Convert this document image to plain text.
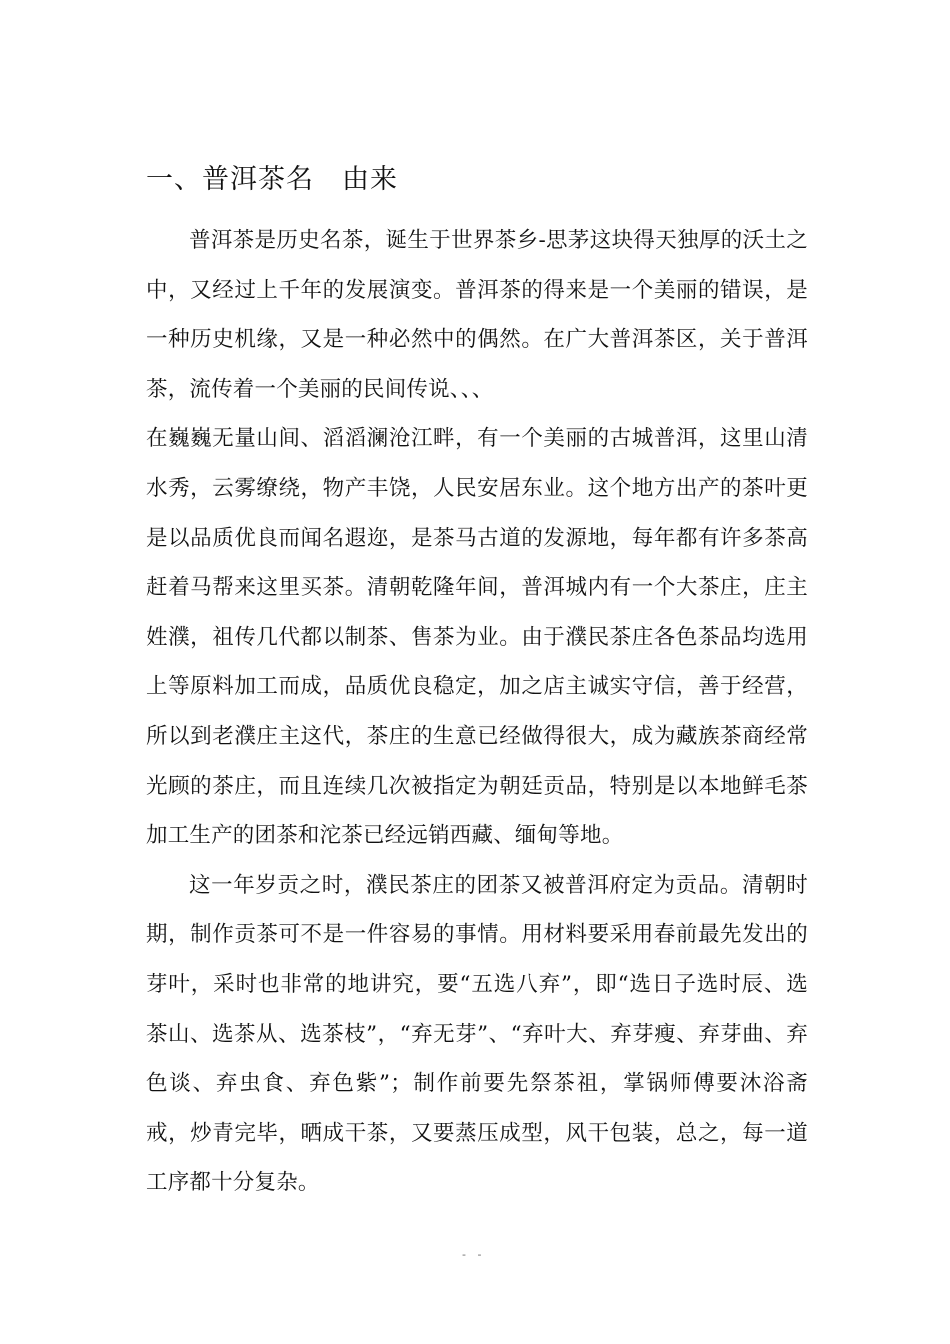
一、普洱茶名　由来

普洱茶是历史名茶，诞生于世界茶乡-思茅这块得天独厚的沃土之中，又经过上千年的发展演变。普洱茶的得来是一个美丽的错误，是一种历史机缘，又是一种必然中的偶然。在广大普洱茶区，关于普洱茶，流传着一个美丽的民间传说、、、

在巍巍无量山间、滔滔澜沧江畔，有一个美丽的古城普洱，这里山清水秀，云雾缭绕，物产丰饶，人民安居东业。这个地方出产的茶叶更是以品质优良而闻名遐迩，是茶马古道的发源地，每年都有许多茶高赶着马帮来这里买茶。清朝乾隆年间，普洱城内有一个大茶庄，庄主姓濮，祖传几代都以制茶、售茶为业。由于濮民茶庄各色茶品均选用上等原料加工而成，品质优良稳定，加之店主诚实守信，善于经营，所以到老濮庄主这代，茶庄的生意已经做得很大，成为藏族茶商经常光顾的茶庄，而且连续几次被指定为朝廷贡品，特别是以本地鲜毛茶加工生产的团茶和沱茶已经远销西藏、缅甸等地。

这一年岁贡之时，濮民茶庄的团茶又被普洱府定为贡品。清朝时期，制作贡茶可不是一件容易的事情。用材料要采用春前最先发出的芽叶，采时也非常的地讲究，要“五选八弃”，即“选日子选时辰、选茶山、选茶从、选茶枝”，“弃无芽”、“弃叶大、弃芽瘦、弃芽曲、弃色谈、弃虫食、弃色紫”；制作前要先祭茶祖，掌锅师傅要沐浴斋戒，炒青完毕，晒成干茶，又要蒸压成型，风干包装，总之，每一道工序都十分复杂。

- -
